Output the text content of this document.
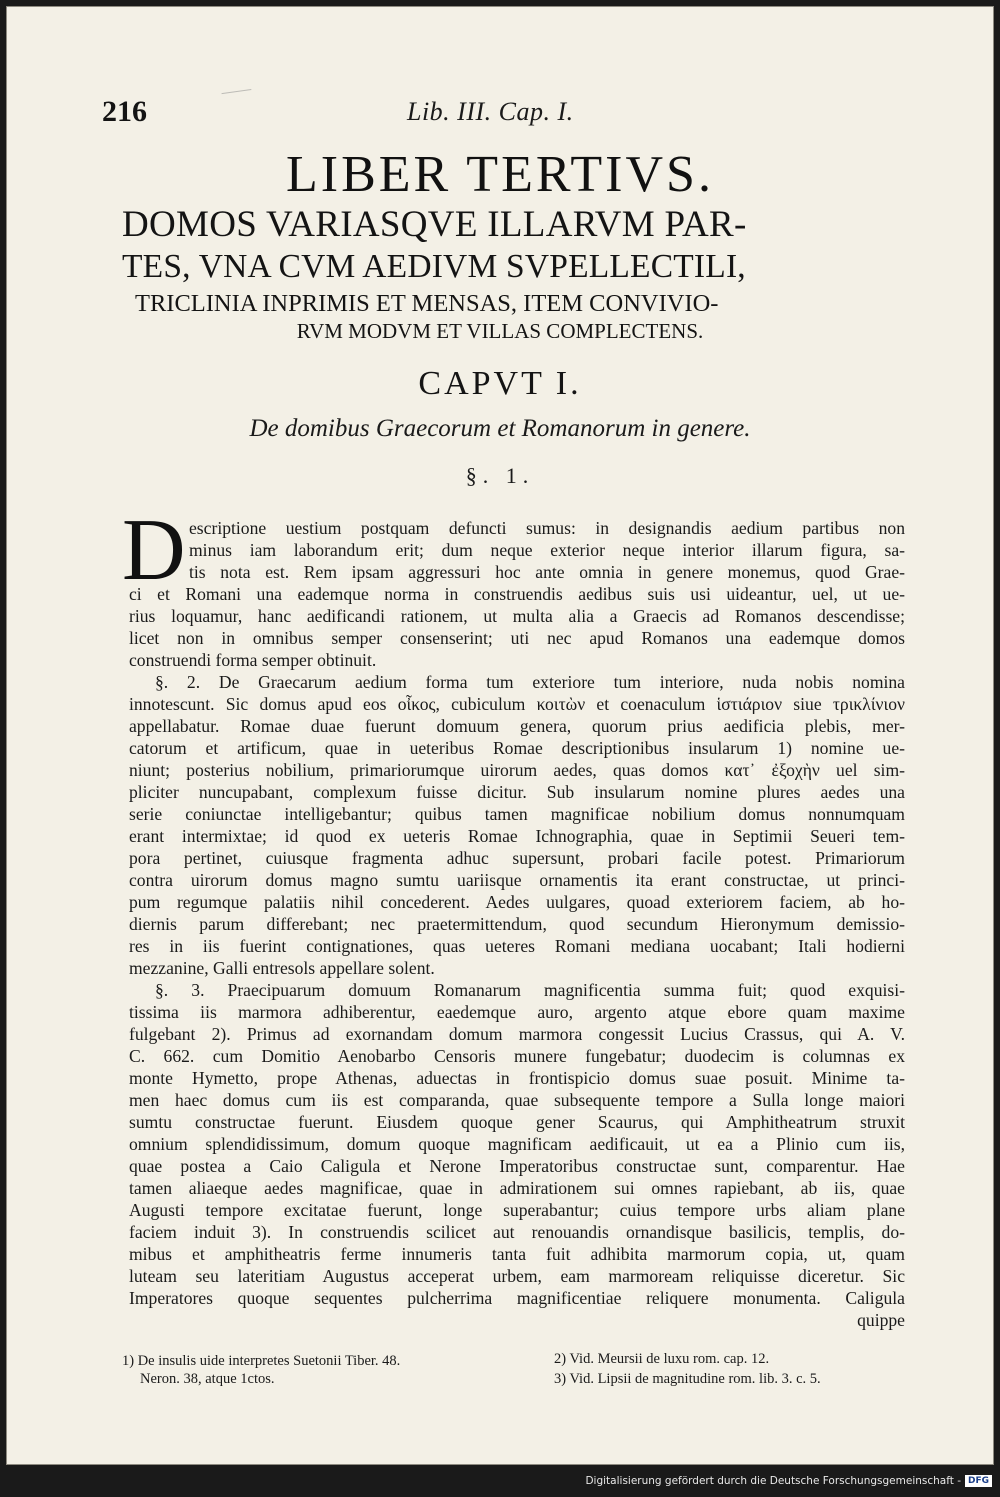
216	Lib. III. Cap. I.
LIBER TERTIVS.
DOMOS VARIASQVE ILLARVM PAR-
TES, VNA CVM AEDIVM SVPELLECTILI,
TRICLINIA INPRIMIS ET MENSAS, ITEM CONVIVIO-
RVM MODVM ET VILLAS COMPLECTENS.
CAPVT I.
De domibus Graecorum et Romanorum in genere.
§. 1.
D escriptione uestium postquam defuncti sumus: in designandis aedium partibus non
minus iam laborandum erit; dum neque exterior neque interior illarum figura, sa-
tis nota est. Rem ipsam aggressuri hoc ante omnia in genere monemus, quod Grae-
ci et Romani una eademque norma in construendis aedibus suis usi uideantur, uel, ut ue-
rius loquamur, hanc aedificandi rationem, ut multa alia a Graecis ad Romanos descendisse;
licet non in omnibus semper consenserint; uti nec apud Romanos una eademque domos
construendi forma semper obtinuit.
§. 2. De Graecarum aedium forma tum exteriore tum interiore, nuda nobis nomina
innotescunt. Sic domus apud eos οἶκος, cubiculum κοιτὼν et coenaculum ἱστιάριον siue τρικλίνιον
appellabatur. Romae duae fuerunt domuum genera, quorum prius aedificia plebis, mer-
catorum et artificum, quae in ueteribus Romae descriptionibus insularum 1) nomine ue-
niunt; posterius nobilium, primariorumque uirorum aedes, quas domos κατ᾽ ἐξοχὴν uel sim-
pliciter nuncupabant, complexum fuisse dicitur. Sub insularum nomine plures aedes una
serie coniunctae intelligebantur; quibus tamen magnificae nobilium domus nonnumquam
erant intermixtae; id quod ex ueteris Romae Ichnographia, quae in Septimii Seueri tem-
pora pertinet, cuiusque fragmenta adhuc supersunt, probari facile potest. Primariorum
contra uirorum domus magno sumtu uariisque ornamentis ita erant constructae, ut princi-
pum regumque palatiis nihil concederent. Aedes uulgares, quoad exteriorem faciem, ab ho-
diernis parum differebant; nec praetermittendum, quod secundum Hieronymum demissio-
res in iis fuerint contignationes, quas ueteres Romani mediana uocabant; Itali hodierni
mezzanine, Galli entresols appellare solent.
§. 3. Praecipuarum domuum Romanarum magnificentia summa fuit; quod exquisi-
tissima iis marmora adhiberentur, eaedemque auro, argento atque ebore quam maxime
fulgebant 2). Primus ad exornandam domum marmora congessit Lucius Crassus, qui A. V.
C. 662. cum Domitio Aenobarbo Censoris munere fungebatur; duodecim is columnas ex
monte Hymetto, prope Athenas, aduectas in frontispicio domus suae posuit. Minime ta-
men haec domus cum iis est comparanda, quae subsequente tempore a Sulla longe maiori
sumtu constructae fuerunt. Eiusdem quoque gener Scaurus, qui Amphitheatrum struxit
omnium splendidissimum, domum quoque magnificam aedificauit, ut ea a Plinio cum iis,
quae postea a Caio Caligula et Nerone Imperatoribus constructae sunt, comparentur. Hae
tamen aliaeque aedes magnificae, quae in admirationem sui omnes rapiebant, ab iis, quae
Augusti tempore excitatae fuerunt, longe superabantur; cuius tempore urbs aliam plane
faciem induit 3). In construendis scilicet aut renouandis ornandisque basilicis, templis, do-
mibus et amphitheatris ferme innumeris tanta fuit adhibita marmorum copia, ut, quam
luteam seu lateritiam Augustus acceperat urbem, eam marmoream reliquisse diceretur. Sic
Imperatores quoque sequentes pulcherrima magnificentiae reliquere monumenta. Caligula
quippe
1) De insulis uide interpretes Suetonii Tiber. 48.
Neron. 38, atque 1ctos.
2) Vid. Meursii de luxu rom. cap. 12.
3) Vid. Lipsii de magnitudine rom. lib. 3. c. 5.
Digitalisierung gefördert durch die Deutsche Forschungsgemeinschaft - DFG
